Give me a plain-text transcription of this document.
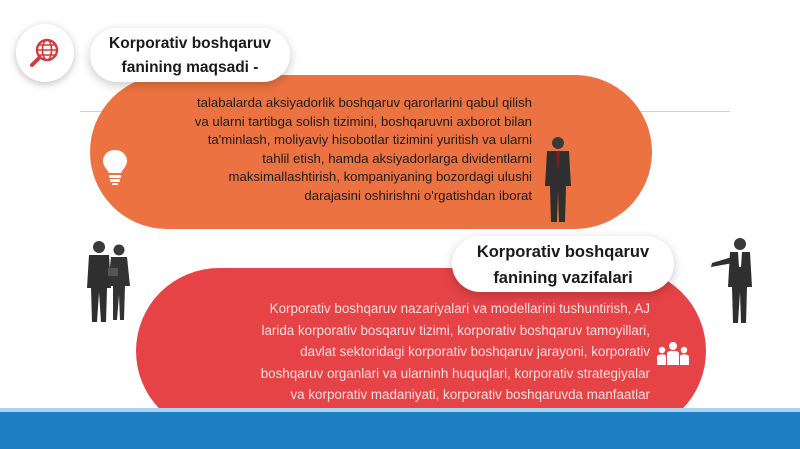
talabalarda aksiyadorlik boshqaruv qarorlarini qabul qilish
va ularni tartibga solish tizimini, boshqaruvni axborot bilan
ta'minlash, moliyaviy hisobotlar tizimini yuritish va ularni
tahlil etish, hamda aksiyadorlarga dividentlarni
maksimallashtirish, kompaniyaning bozordagi ulushi
darajasini oshirishni o'rgatishdan iborat
Korporativ boshqaruv
fanining maqsadi -
Korporativ boshqaruv nazariyalari va modellarini tushuntirish, AJ
larida korporativ bosqaruv tizimi, korporativ boshqaruv tamoyillari,
davlat sektoridagi korporativ boshqaruv jarayoni, korporativ
boshqaruv organlari va ularninh huquqlari, korporativ strategiyalar
va korporativ madaniyati, korporativ boshqaruvda manfaatlar
Korporativ boshqaruv
fanining vazifalari
